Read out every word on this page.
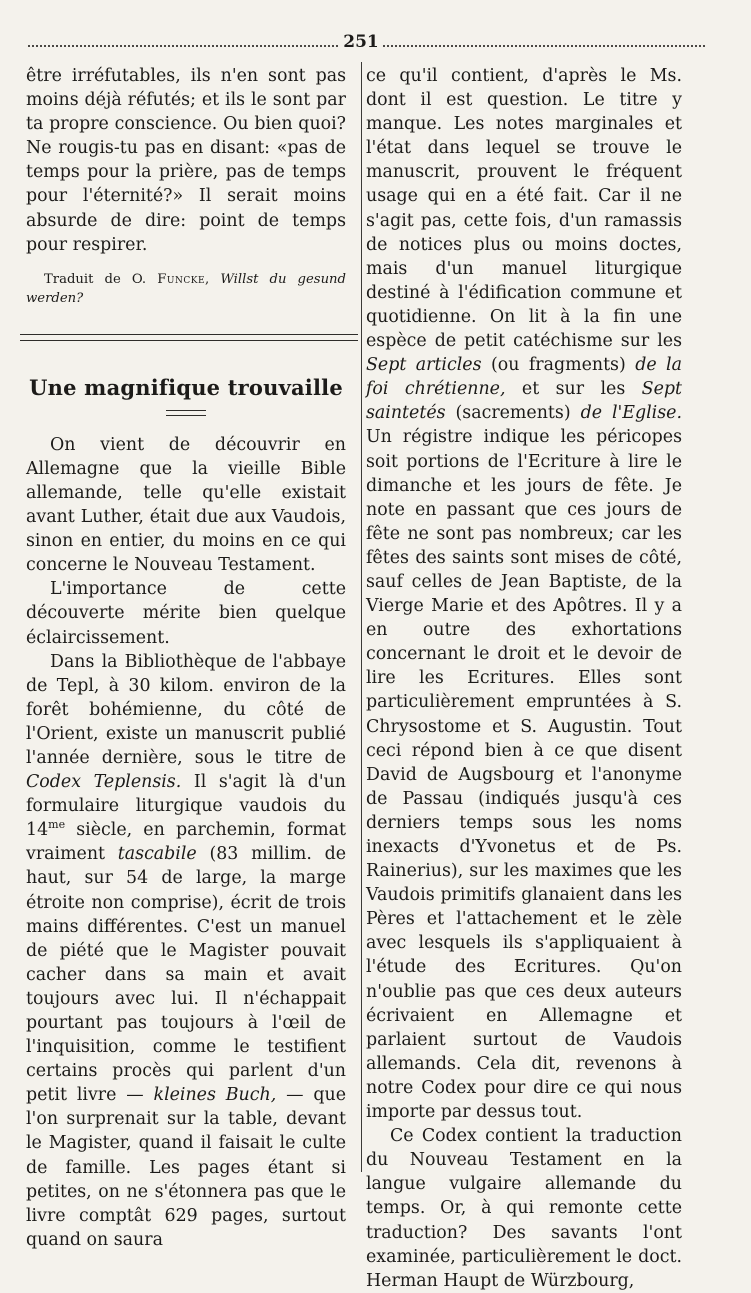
251

être irréfutables, ils n'en sont pas moins déjà réfutés; et ils le sont par ta propre conscience. Ou bien quoi? Ne rougis-tu pas en disant: «pas de temps pour la prière, pas de temps pour l'éternité?» Il serait moins absurde de dire: point de temps pour respirer.

Traduit de O. Funcke, Willst du gesund werden?

Une magnifique trouvaille

On vient de découvrir en Allemagne que la vieille Bible allemande, telle qu'elle existait avant Luther, était due aux Vaudois, sinon en entier, du moins en ce qui concerne le Nouveau Testament.

L'importance de cette découverte mérite bien quelque éclaircissement.

Dans la Bibliothèque de l'abbaye de Tepl, à 30 kilom. environ de la forêt bohémienne, du côté de l'Orient, existe un manuscrit publié l'année dernière, sous le titre de Codex Teplensis. Il s'agit là d'un formulaire liturgique vaudois du $14^{me}$ siècle, en parchemin, format vraiment tascabile (83 millim. de haut, sur 54 de large, la marge étroite non comprise), écrit de trois mains différentes. C'est un manuel de piété que le Magister pouvait cacher dans sa main et avait toujours avec lui. Il n'échappait pourtant pas toujours à l'œil de l'inquisition, comme le testifient certains procès qui parlent d'un petit livre — kleines Buch, — que l'on surprenait sur la table, devant le Magister, quand il faisait le culte de famille. Les pages étant si petites, on ne s'étonnera pas que le livre comptât 629 pages, surtout quand on saura

ce qu'il contient, d'après le Ms. dont il est question. Le titre y manque. Les notes marginales et l'état dans lequel se trouve le manuscrit, prouvent le fréquent usage qui en a été fait. Car il ne s'agit pas, cette fois, d'un ramassis de notices plus ou moins doctes, mais d'un manuel liturgique destiné à l'édification commune et quotidienne. On lit à la fin une espèce de petit catéchisme sur les Sept articles (ou fragments) de la foi chrétienne, et sur les Sept saintetés (sacrements) de l'Eglise. Un régistre indique les péricopes soit portions de l'Ecriture à lire le dimanche et les jours de fête. Je note en passant que ces jours de fête ne sont pas nombreux; car les fêtes des saints sont mises de côté, sauf celles de Jean Baptiste, de la Vierge Marie et des Apôtres. Il y a en outre des exhortations concernant le droit et le devoir de lire les Ecritures. Elles sont particulièrement empruntées à S. Chrysostome et S. Augustin. Tout ceci répond bien à ce que disent David de Augsbourg et l'anonyme de Passau (indiqués jusqu'à ces derniers temps sous les noms inexacts d'Yvonetus et de Ps. Rainerius), sur les maximes que les Vaudois primitifs glanaient dans les Pères et l'attachement et le zèle avec lesquels ils s'appliquaient à l'étude des Ecritures. Qu'on n'oublie pas que ces deux auteurs écrivaient en Allemagne et parlaient surtout de Vaudois allemands. Cela dit, revenons à notre Codex pour dire ce qui nous importe par dessus tout.

Ce Codex contient la traduction du Nouveau Testament en la langue vulgaire allemande du temps. Or, à qui remonte cette traduction? Des savants l'ont examinée, particulièrement le doct. Herman Haupt de Würzbourg,
